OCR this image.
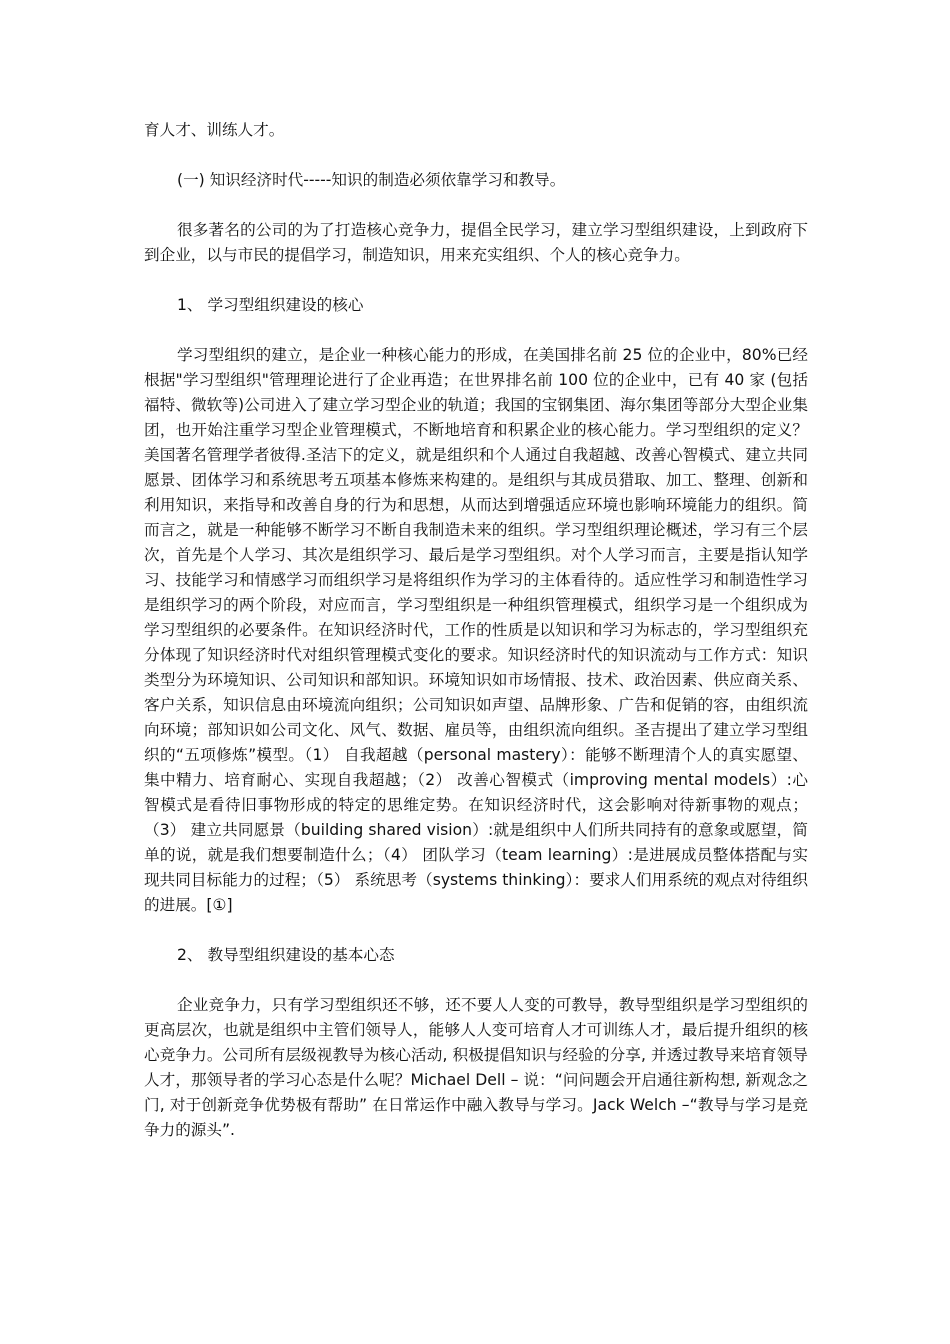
育人才、训练人才。

(一) 知识经济时代-----知识的制造必须依靠学习和教导。

很多著名的公司的为了打造核心竞争力，提倡全民学习，建立学习型组织建设，上到政府下到企业，以与市民的提倡学习，制造知识，用来充实组织、个人的核心竞争力。

1、 学习型组织建设的核心

学习型组织的建立，是企业一种核心能力的形成，在美国排名前 25 位的企业中，80%已经根据"学习型组织"管理理论进行了企业再造；在世界排名前 100 位的企业中，已有 40 家 (包括福特、微软等)公司进入了建立学习型企业的轨道；我国的宝钢集团、海尔集团等部分大型企业集团，也开始注重学习型企业管理模式，不断地培育和积累企业的核心能力。学习型组织的定义？美国著名管理学者彼得.圣洁下的定义，就是组织和个人通过自我超越、改善心智模式、建立共同愿景、团体学习和系统思考五项基本修炼来构建的。是组织与其成员猎取、加工、整理、创新和利用知识，来指导和改善自身的行为和思想，从而达到增强适应环境也影响环境能力的组织。简而言之，就是一种能够不断学习不断自我制造未来的组织。学习型组织理论概述，学习有三个层次，首先是个人学习、其次是组织学习、最后是学习型组织。对个人学习而言，主要是指认知学习、技能学习和情感学习而组织学习是将组织作为学习的主体看待的。适应性学习和制造性学习是组织学习的两个阶段，对应而言，学习型组织是一种组织管理模式，组织学习是一个组织成为学习型组织的必要条件。在知识经济时代，工作的性质是以知识和学习为标志的，学习型组织充分体现了知识经济时代对组织管理模式变化的要求。知识经济时代的知识流动与工作方式：知识类型分为环境知识、公司知识和部知识。环境知识如市场情报、技术、政治因素、供应商关系、客户关系，知识信息由环境流向组织；公司知识如声望、品牌形象、广告和促销的容，由组织流向环境；部知识如公司文化、风气、数据、雇员等，由组织流向组织。圣吉提出了建立学习型组织的“五项修炼”模型。（1） 自我超越（personal mastery）：能够不断理清个人的真实愿望、集中精力、培育耐心、实现自我超越；（2） 改善心智模式（improving mental models）:心智模式是看待旧事物形成的特定的思维定势。在知识经济时代，这会影响对待新事物的观点；（3） 建立共同愿景（building shared vision）:就是组织中人们所共同持有的意象或愿望，简单的说，就是我们想要制造什么；（4） 团队学习（team learning）:是进展成员整体搭配与实现共同目标能力的过程；（5） 系统思考（systems thinking）：要求人们用系统的观点对待组织的进展。[①]

2、 教导型组织建设的基本心态

企业竞争力，只有学习型组织还不够，还不要人人变的可教导，教导型组织是学习型组织的更高层次，也就是组织中主管们领导人，能够人人变可培育人才可训练人才，最后提升组织的核心竞争力。公司所有层级视教导为核心活动, 积极提倡知识与经验的分享, 并透过教导来培育领导人才，那领导者的学习心态是什么呢？Michael Dell – 说：“问问题会开启通往新构想, 新观念之门, 对于创新竞争优势极有帮助” 在日常运作中融入教导与学习。Jack Welch –“教导与学习是竞争力的源头”.
